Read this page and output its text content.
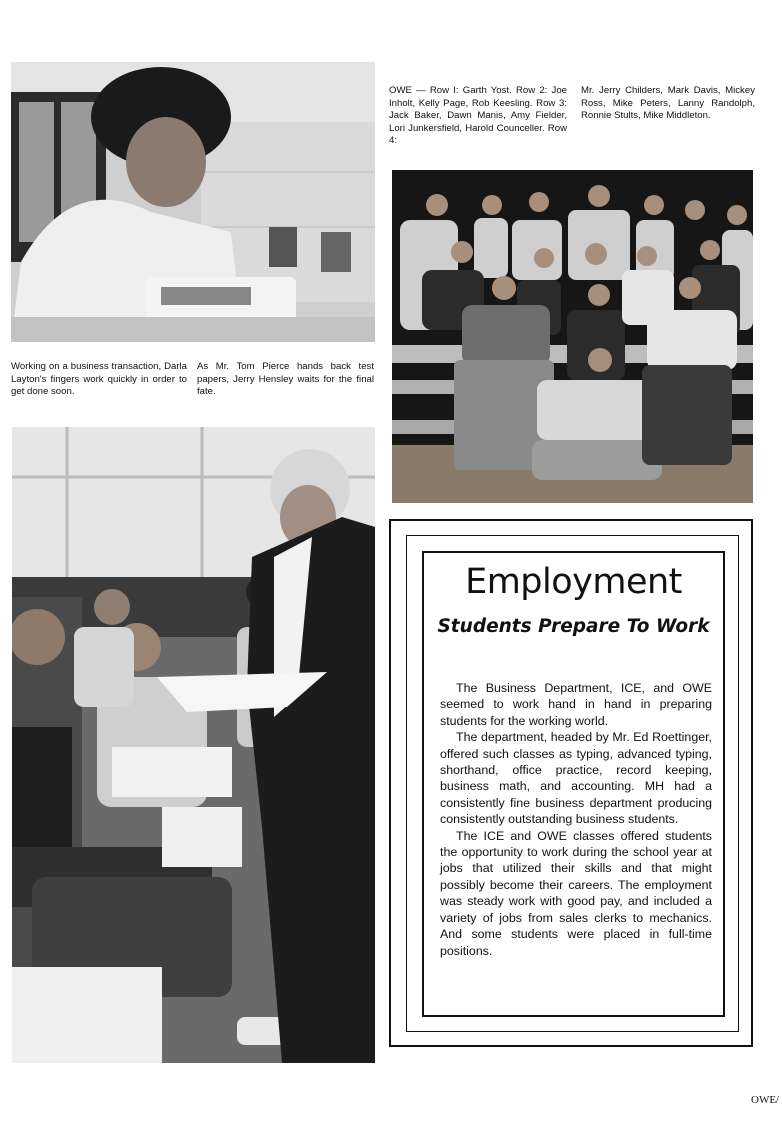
Working on a business transaction, Darla Layton's fingers work quickly in order to get done soon.
As Mr. Tom Pierce hands back test papers, Jerry Hensley waits for the final fate.
OWE — Row I: Garth Yost. Row 2: Joe Inholt, Kelly Page, Rob Keesling. Row 3: Jack Baker, Dawn Manis, Amy Fielder, Lori Junkersfield, Harold Counceller. Row 4:
Mr. Jerry Childers, Mark Davis, Mickey Ross, Mike Peters, Lanny Randolph, Ronnie Stults, Mike Middleton.
Employment
Students Prepare To Work

The Business Department, ICE, and OWE seemed to work hand in hand in preparing students for the working world.

The department, headed by Mr. Ed Roettinger, offered such classes as typing, advanced typing, shorthand, office practice, record keeping, business math, and accounting. MH had a consistently fine business department producing consistently outstanding business students.

The ICE and OWE classes offered students the opportunity to work during the school year at jobs that utilized their skills and that might possibly become their careers. The employment was steady work with good pay, and included a variety of jobs from sales clerks to mechanics. And some students were placed in full-time positions.

OWE/
